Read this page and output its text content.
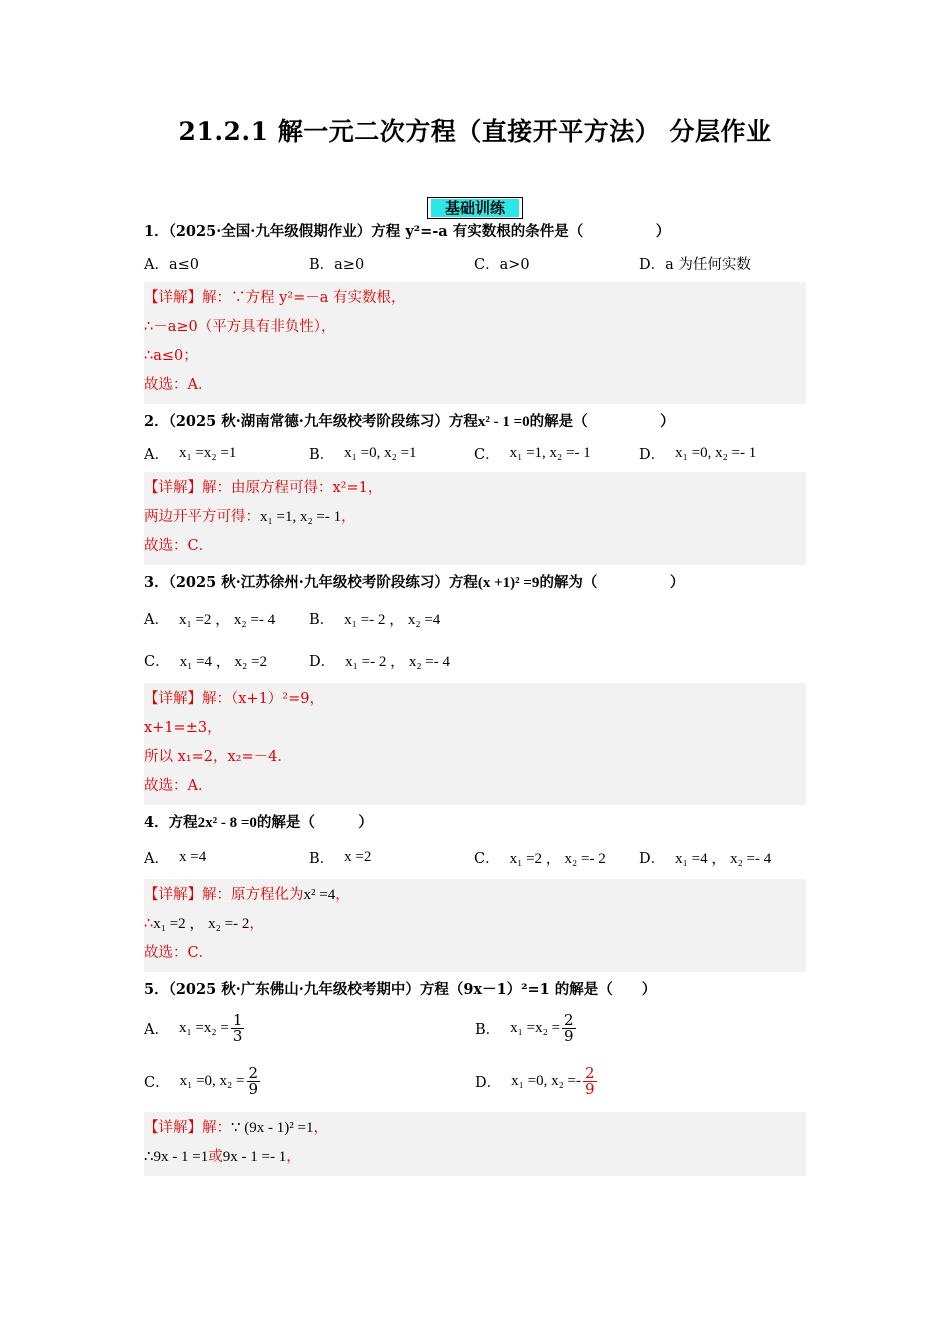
21.2.1 解一元二次方程（直接开平方法） 分层作业
基础训练
1．（2025·全国·九年级假期作业）方程 y²=-a 有实数根的条件是（　　　　　）
A．a≤0	B．a≥0	C．a>0	D．a 为任何实数
【详解】解：∵方程 y²=－a 有实数根，
∴－a≥0（平方具有非负性），
∴a≤0；
故选：A．
2．（2025 秋·湖南常德·九年级校考阶段练习）方程x² - 1 =0的解是（　　　　　）
A． x₁ =x₂ =1	B． x₁ =0, x₂ =1	C． x₁ =1, x₂ =- 1	D． x₁ =0, x₂ =- 1
【详解】解：由原方程可得：x²=1，
两边开平方可得：x₁ =1, x₂ =- 1，
故选：C．
3．（2025 秋·江苏徐州·九年级校考阶段练习）方程(x +1)² =9的解为（　　　　　）
A． x₁ =2 ， x₂ =- 4 B． x₁ =- 2 ， x₂ =4
C． x₁ =4 ， x₂ =2	D． x₁ =- 2 ， x₂ =- 4
【详解】解：（x+1）²=9，
x+1=±3，
所以 x₁=2，x₂=－4．
故选：A．
4．方程2x² - 8 =0的解是（　　　）
A． x =4	B． x =2	C． x₁ =2 ， x₂ =- 2 D． x₁ =4 ， x₂ =- 4
【详解】解：原方程化为x² =4，
∴x₁ =2 ， x₂ =- 2，
故选：C．
5．（2025 秋·广东佛山·九年级校考期中）方程（9x－1）²=1 的解是（　　）
A． $x_1 =x_2 = \frac{1}{3}$	B． $x_1 =x_2 = \frac{2}{9}$
C． x₁ =0, $x_2 = \frac{2}{9}$	D． x₁ =0, $x_2 =- \frac{2}{9}$
【详解】解：∵ (9x - 1)² =1，
∴9x - 1 =1或9x - 1 =- 1，
